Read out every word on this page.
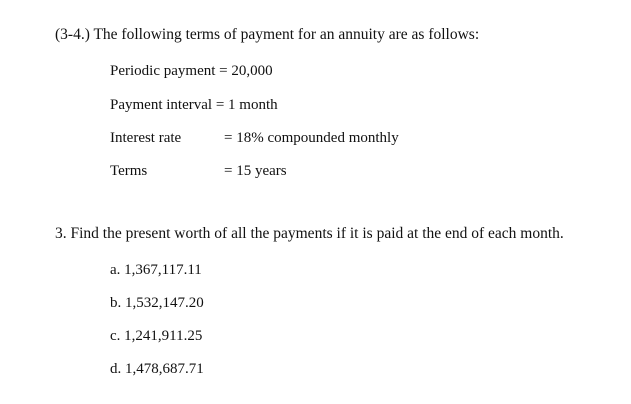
(3-4.) The following terms of payment for an annuity are as follows:
Periodic payment = 20,000
Payment interval = 1 month
Interest rate	= 18% compounded monthly
Terms	= 15 years
3. Find the present worth of all the payments if it is paid at the end of each month.
a. 1,367,117.11
b. 1,532,147.20
c. 1,241,911.25
d. 1,478,687.71
